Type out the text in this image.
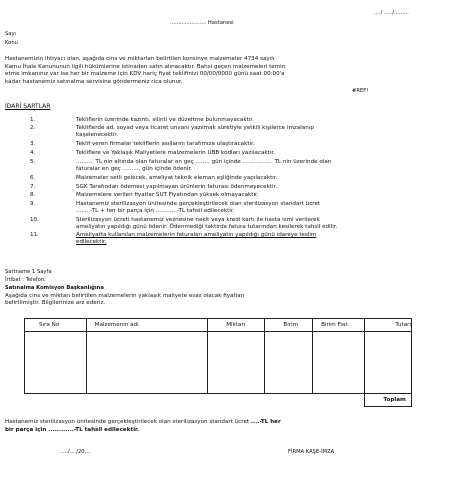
..../ ...../.........
...................... Hastanesi
Sayı
Konu
Hastanemizin ihtiyacı olan, aşağıda cins ve miktarları belirtilen konsinye malzemeler 4734 sayılı
Kamu İhale Kanununun ilgili hükümlerine istinaden satın alınacaktır. Bahsi geçen malzemeleri temin
etme imkanınız var ise her bir malzeme için KDV hariç fiyat teklifinizi 00/00/0000 günü saat 00:00'a
kadar hastanemiz satınalma servisine göndermeniz rica olunur.
#REF!
İDARİ ŞARTLAR
1.	Tekliflerin üzerinde kazıntı, silinti ve düzeltme bulunmayacaktır.
2.	Tekliflerde ad, soyad veya ticaret unvanı yazılmak sûretiyle yetkili kişilerce imzalanıp
kaşelenecektir.
3.	Teklif veren firmalar tekliflerin asıllarını tarafımıza ulaştıracaktır.
4.	Tekliflere ve Yaklaşık Maliyetlere malzemelerin UBB kodları yazılacaktır.
5.	.......... TL nin altında olan faturalar en geç ........ gün içinde ................. TL nin üzerinde olan
faturalar en geç .......... gün içinde ödenir.
6.	Malzemeler setli gelecek, ameliyat teknik eleman eşliğinde yapılacaktır.
7.	SGK Tarafından ödemesi yapılmayan ürünlerin faturası ödenmeyecektir.
8.	Malzemelere verilen fiyatlar SUT Fiyatından yüksek olmayacaktır.
9.	Hastanemiz sterilizasyon ünitesinde gerçekleştirilecek olan sterilizasyon standart ücret
........-TL + her bir parça için ............-TL tahsil edilecektir.
10.	Sterilizasyon ücreti hastanemiz veznesine nakit veya kredi kartı ile hasta ismi verilerek
ameliyatın yapıldığı günü ödenir. Ödenmediği taktirde fatura tutarından kesilerek tahsil edilir.
11.	Ameliyatta kullanılan malzemelerin faturaları ameliyatın yapıldığı günü idareye teslim
edilecektir.
Şartname 1 Sayfa
İrtibat : Telefon:
Satınalma Komisyon Başkanlığına
Aşağıda cins ve miktarı belirtilen malzemelerin yaklaşık maliyete esas olacak fiyatları
belirtilmiştir. Bilgilerinize arz ederiz.
Sıra No	Malzemenin adı	Miktarı	Birim	Birim Fiat	Tutarı

					Toplam
Hastanemiz sterilizasyon ünitesinde gerçekleştirilecek olan sterilizasyon standart ücret ....-TL her
bir parça için ............-TL tahsil edilecektir.
. ..../..../20....	FİRMA KAŞE-İMZA
